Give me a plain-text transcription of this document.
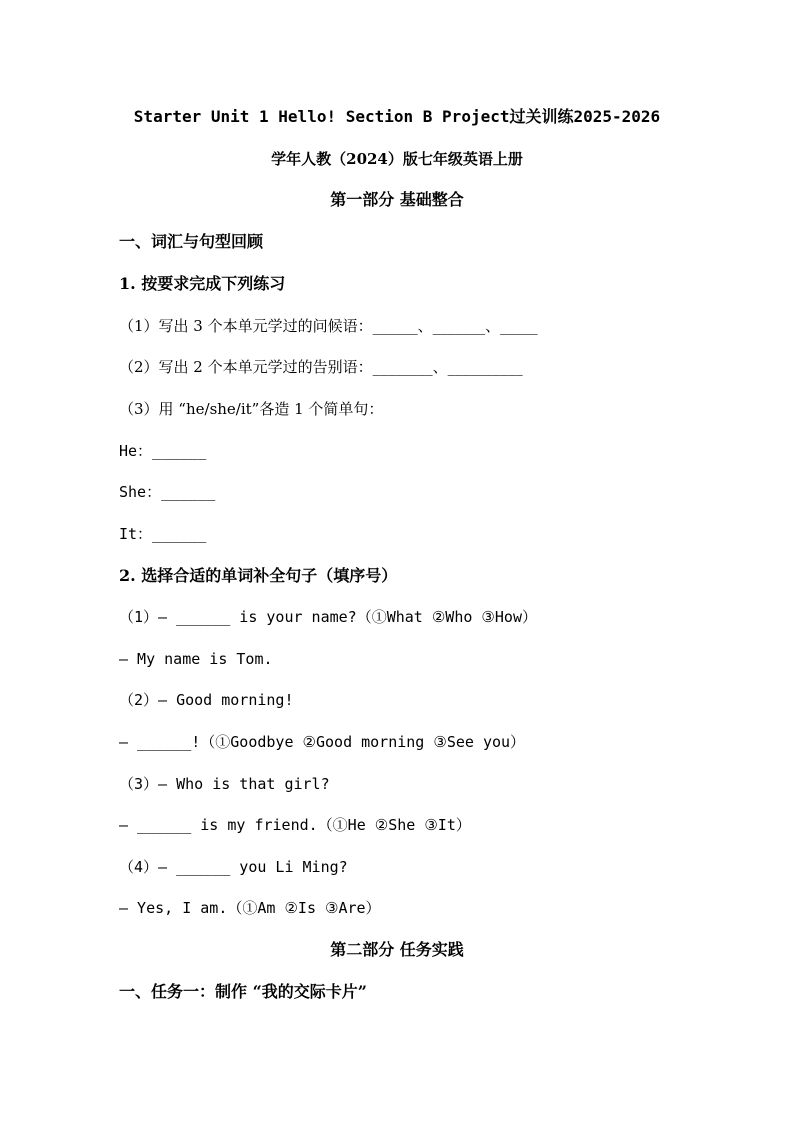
Starter Unit 1 Hello! Section B Project过关训练2025-2026
学年人教（2024）版七年级英语上册
第一部分 基础整合
一、词汇与句型回顾
1. 按要求完成下列练习
（1）写出 3 个本单元学过的问候语：______、_______、_____
（2）写出 2 个本单元学过的告别语：________、__________
（3）用 “he/she/it”各造 1 个简单句：
He：______
She：______
It：______
2. 选择合适的单词补全句子（填序号）
（1）— ______ is your name?（①What ②Who ③How）
— My name is Tom.
（2）— Good morning!
— ______!（①Goodbye ②Good morning ③See you）
（3）— Who is that girl?
— ______ is my friend.（①He ②She ③It）
（4）— ______ you Li Ming?
— Yes, I am.（①Am ②Is ③Are）
第二部分 任务实践
一、任务一：制作 “我的交际卡片”
